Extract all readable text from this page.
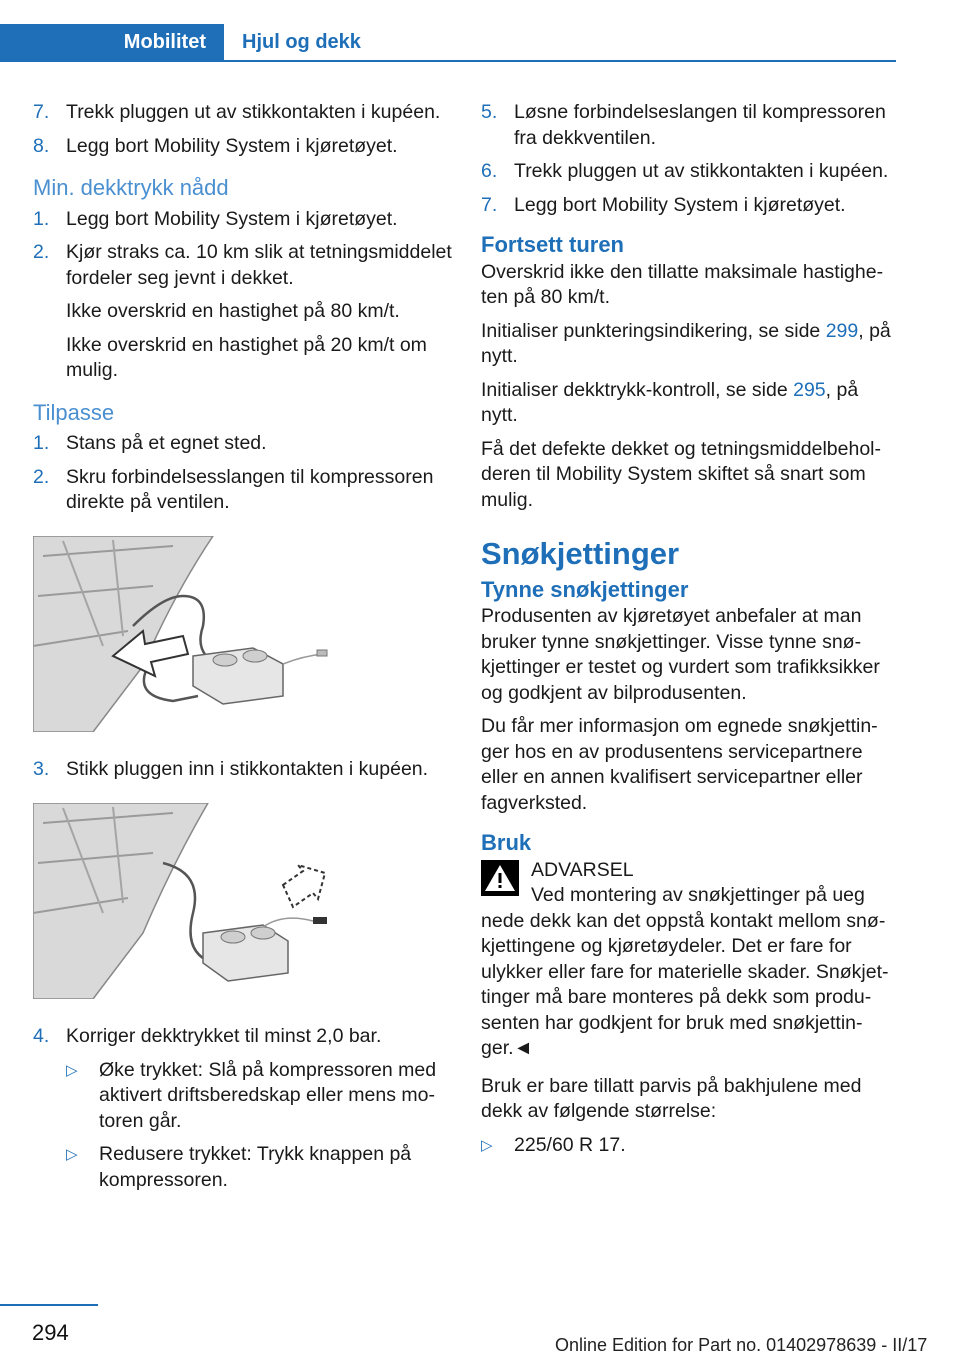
Mobilitet Hjul og dekk
7. Trekk pluggen ut av stikkontakten i kupéen.
8. Legg bort Mobility System i kjøretøyet.
Min. dekktrykk nådd
1. Legg bort Mobility System i kjøretøyet.
2. Kjør straks ca. 10 km slik at tetningsmiddelet fordeler seg jevnt i dekket.
Ikke overskrid en hastighet på 80 km/t.
Ikke overskrid en hastighet på 20 km/t om mulig.
Tilpasse
1. Stans på et egnet sted.
2. Skru forbindelsesslangen til kompressoren direkte på ventilen.
3. Stikk pluggen inn i stikkontakten i kupéen.
4. Korriger dekktrykket til minst 2,0 bar.
▷ Øke trykket: Slå på kompressoren med aktivert driftsberedskap eller mens motoren går.
▷ Redusere trykket: Trykk knappen på kompressoren.
5. Løsne forbindelseslangen til kompressoren fra dekkventilen.
6. Trekk pluggen ut av stikkontakten i kupéen.
7. Legg bort Mobility System i kjøretøyet.
Fortsett turen

Overskrid ikke den tillatte maksimale hastigheten på 80 km/t.

Initialiser punkteringsindikering, se side 299, på nytt.

Initialiser dekktrykk-kontroll, se side 295, på nytt.

Få det defekte dekket og tetningsmiddelbeholderen til Mobility System skiftet så snart som mulig.

Snøkjettinger
Tynne snøkjettinger

Produsenten av kjøretøyet anbefaler at man bruker tynne snøkjettinger. Visse tynne snøkjettinger er testet og vurdert som trafikksikker og godkjent av bilprodusenten.

Du får mer informasjon om egnede snøkjettinger hos en av produsentens servicepartnere eller en annen kvalifisert servicepartner eller fagverksted.

Bruk
ADVARSEL
Ved montering av snøkjettinger på ueg
nede dekk kan det oppstå kontakt mellom snøkjettingene og kjøretøydeler. Det er fare for ulykker eller fare for materielle skader. Snøkjettinger må bare monteres på dekk som produsenten har godkjent for bruk med snøkjettinger.◄

Bruk er bare tillatt parvis på bakhjulene med dekk av følgende størrelse:

▷ 225/60 R 17.
294	Online Edition for Part no. 01402978639 - II/17
